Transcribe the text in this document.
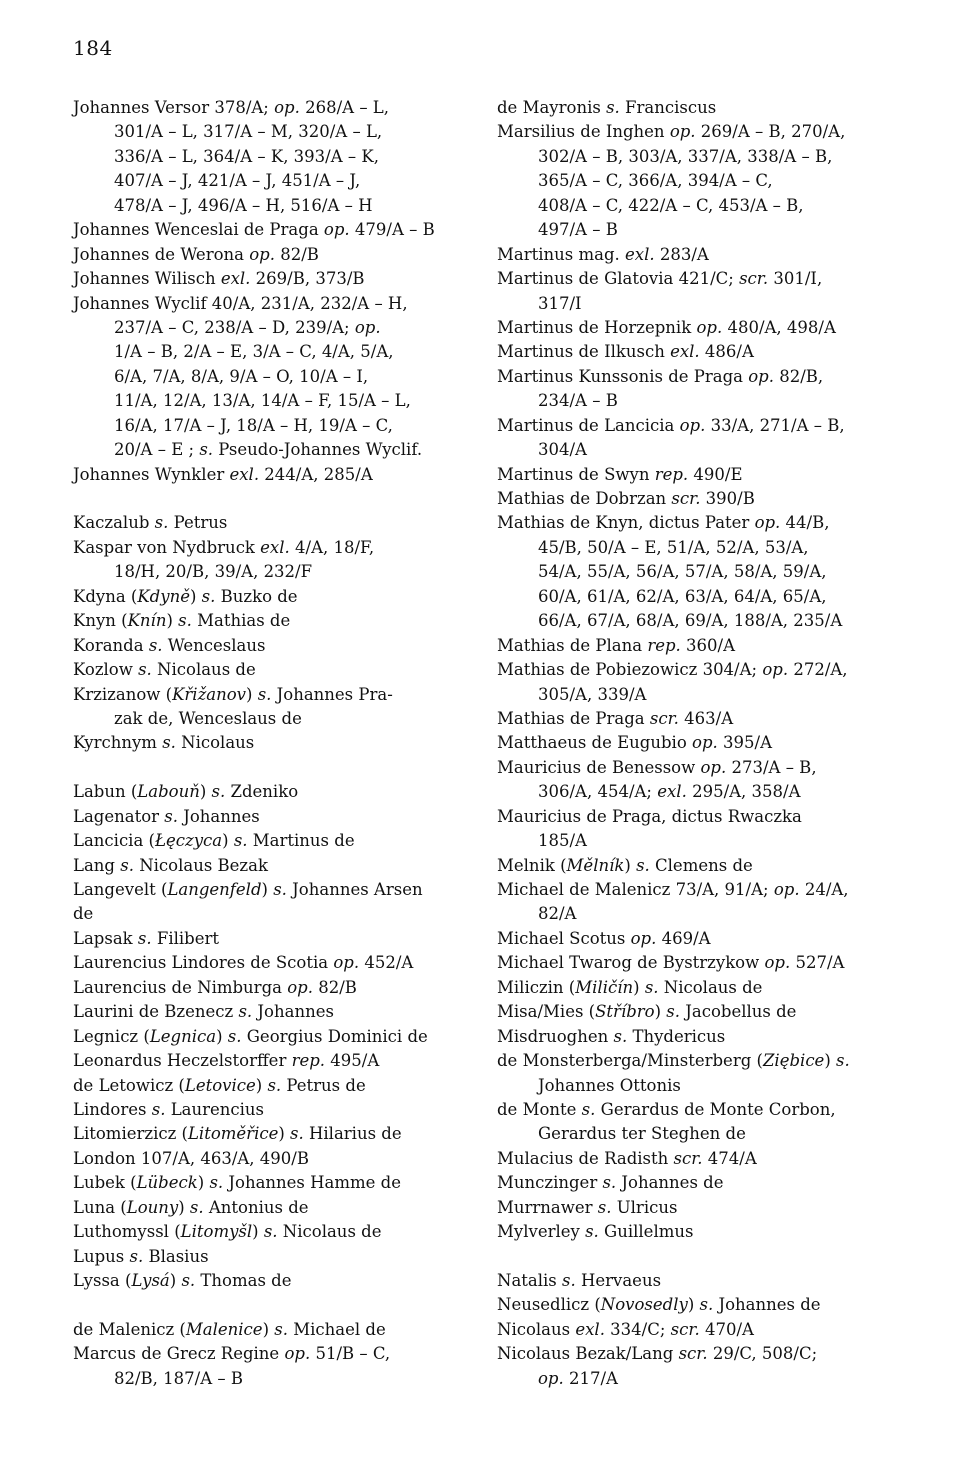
184
Johannes Versor 378/A; op. 268/A – L,
301/A – L, 317/A – M, 320/A – L,
336/A – L, 364/A – K, 393/A – K,
407/A – J, 421/A – J, 451/A – J,
478/A – J, 496/A – H, 516/A – H
Johannes Wenceslai de Praga op. 479/A – B
Johannes de Werona op. 82/B
Johannes Wilisch exl. 269/B, 373/B
Johannes Wyclif 40/A, 231/A, 232/A – H,
237/A – C, 238/A – D, 239/A; op.
1/A – B, 2/A – E, 3/A – C, 4/A, 5/A,
6/A, 7/A, 8/A, 9/A – O, 10/A – I,
11/A, 12/A, 13/A, 14/A – F, 15/A – L,
16/A, 17/A – J, 18/A – H, 19/A – C,
20/A – E ; s. Pseudo-Johannes Wyclif.
Johannes Wynkler exl. 244/A, 285/A
Kaczalub s. Petrus
Kaspar von Nydbruck exl. 4/A, 18/F,
18/H, 20/B, 39/A, 232/F
Kdyna (Kdyně) s. Buzko de
Knyn (Knín) s. Mathias de
Koranda s. Wenceslaus
Kozlow s. Nicolaus de
Krzizanow (Křižanov) s. Johannes Pra-
zak de, Wenceslaus de
Kyrchnym s. Nicolaus
Labun (Labouň) s. Zdeniko
Lagenator s. Johannes
Lancicia (Łęczyca) s. Martinus de
Lang s. Nicolaus Bezak
Langevelt (Langenfeld) s. Johannes Arsen
de
Lapsak s. Filibert
Laurencius Lindores de Scotia op. 452/A
Laurencius de Nimburga op. 82/B
Laurini de Bzenecz s. Johannes
Legnicz (Legnica) s. Georgius Dominici de
Leonardus Heczelstorffer rep. 495/A
de Letowicz (Letovice) s. Petrus de
Lindores s. Laurencius
Litomierzicz (Litoměřice) s. Hilarius de
London 107/A, 463/A, 490/B
Lubek (Lübeck) s. Johannes Hamme de
Luna (Louny) s. Antonius de
Luthomyssl (Litomyšl) s. Nicolaus de
Lupus s. Blasius
Lyssa (Lysá) s. Thomas de
de Malenicz (Malenice) s. Michael de
Marcus de Grecz Regine op. 51/B – C,
82/B, 187/A – B
de Mayronis s. Franciscus
Marsilius de Inghen op. 269/A – B, 270/A,
302/A – B, 303/A, 337/A, 338/A – B,
365/A – C, 366/A, 394/A – C,
408/A – C, 422/A – C, 453/A – B,
497/A – B
Martinus mag. exl. 283/A
Martinus de Glatovia 421/C; scr. 301/I,
317/I
Martinus de Horzepnik op. 480/A, 498/A
Martinus de Ilkusch exl. 486/A
Martinus Kunssonis de Praga op. 82/B,
234/A – B
Martinus de Lancicia op. 33/A, 271/A – B,
304/A
Martinus de Swyn rep. 490/E
Mathias de Dobrzan scr. 390/B
Mathias de Knyn, dictus Pater op. 44/B,
45/B, 50/A – E, 51/A, 52/A, 53/A,
54/A, 55/A, 56/A, 57/A, 58/A, 59/A,
60/A, 61/A, 62/A, 63/A, 64/A, 65/A,
66/A, 67/A, 68/A, 69/A, 188/A, 235/A
Mathias de Plana rep. 360/A
Mathias de Pobiezowicz 304/A; op. 272/A,
305/A, 339/A
Mathias de Praga scr. 463/A
Matthaeus de Eugubio op. 395/A
Mauricius de Benessow op. 273/A – B,
306/A, 454/A; exl. 295/A, 358/A
Mauricius de Praga, dictus Rwaczka
185/A
Melnik (Mělník) s. Clemens de
Michael de Malenicz 73/A, 91/A; op. 24/A,
82/A
Michael Scotus op. 469/A
Michael Twarog de Bystrzykow op. 527/A
Miliczin (Miličín) s. Nicolaus de
Misa/Mies (Stříbro) s. Jacobellus de
Misdruoghen s. Thydericus
de Monsterberga/Minsterberg (Ziębice) s.
Johannes Ottonis
de Monte s. Gerardus de Monte Corbon,
Gerardus ter Steghen de
Mulacius de Radisth scr. 474/A
Munczinger s. Johannes de
Murrnawer s. Ulricus
Mylverley s. Guillelmus
Natalis s. Hervaeus
Neusedlicz (Novosedly) s. Johannes de
Nicolaus exl. 334/C; scr. 470/A
Nicolaus Bezak/Lang scr. 29/C, 508/C;
op. 217/A
